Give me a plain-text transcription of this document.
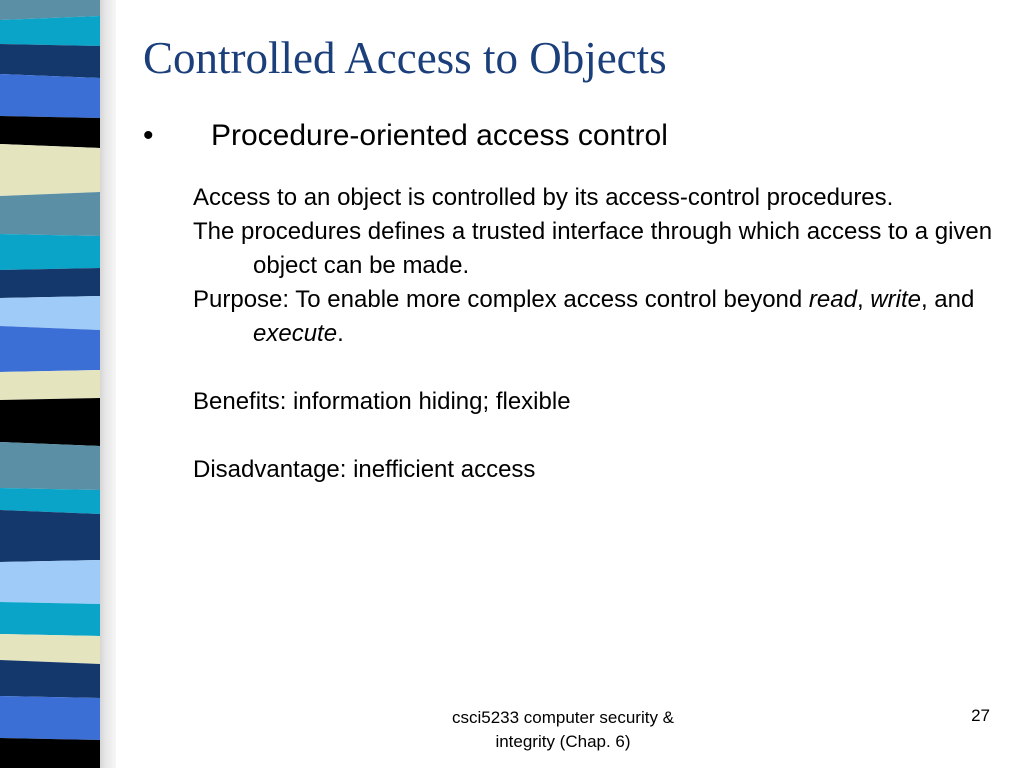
Controlled Access to Objects
• Procedure-oriented access control

Access to an object is controlled by its access-control procedures.

The procedures defines a trusted interface through which access to a given object can be made.

Purpose: To enable more complex access control beyond read, write, and execute.

Benefits: information hiding; flexible

Disadvantage: inefficient access

csci5233 computer security &
integrity (Chap. 6)
27
